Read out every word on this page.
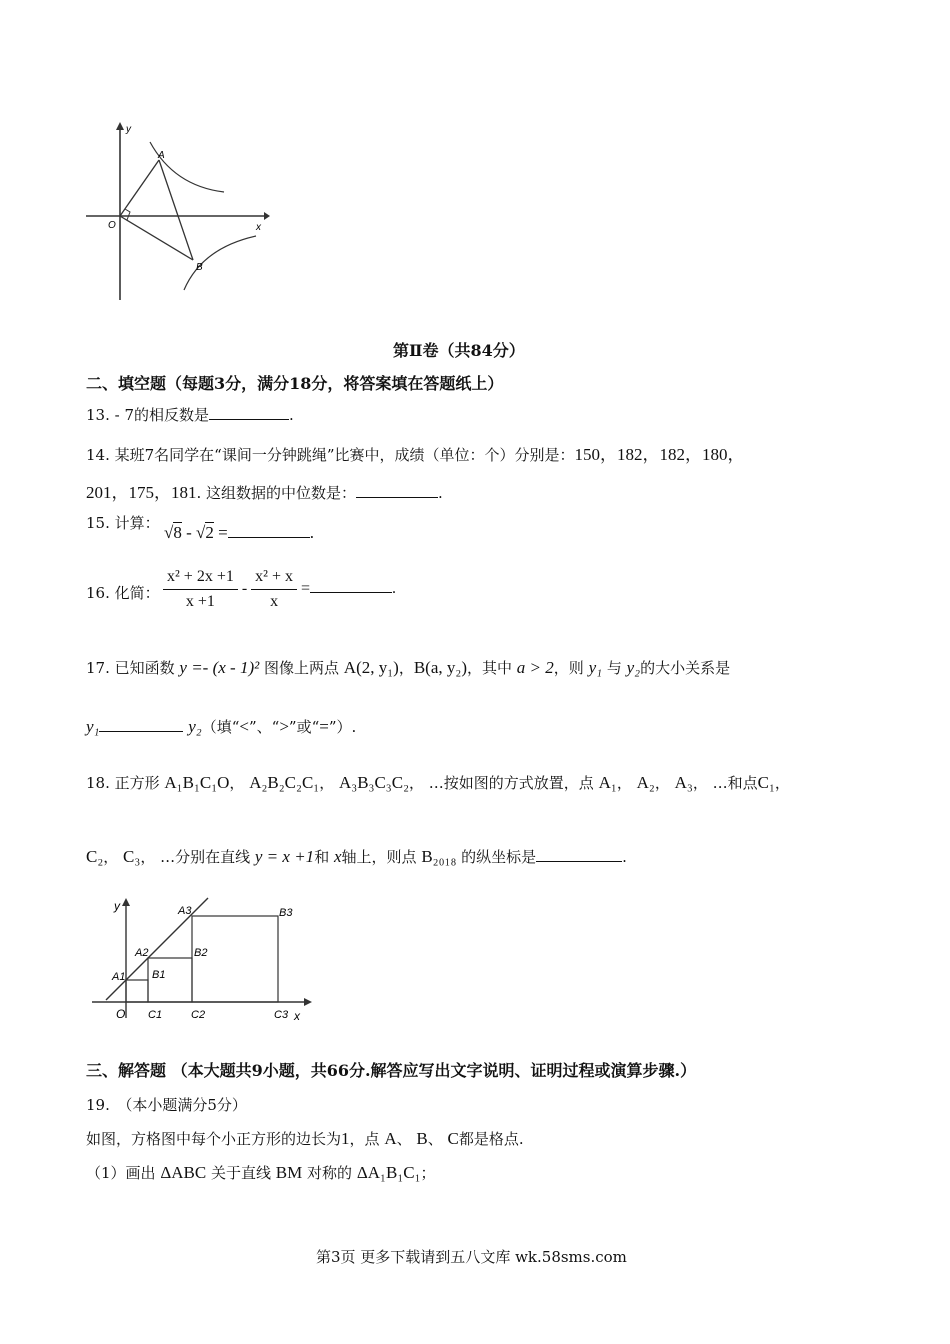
y
x
O
A
B
第Ⅱ卷（共84分）
二、填空题（每题3分，满分18分，将答案填在答题纸上）
13. - 7的相反数是	.
14. 某班7名同学在“课间一分钟跳绳”比赛中，成绩（单位：个）分别是：150，182，182，180，
201，175，181. 这组数据的中位数是：	.
15. 计算： √8 - √2 =	.
16. 化简： $\frac{\text{x² + 2x +1}}{x +1} - \frac{\text{x² + x}}{x}$ =	.
17. 已知函数 y =- (x - 1)² 图像上两点 A(2, y₁)，B(a, y₂)，其中 a > 2，则 y₁ 与 y₂的大小关系是
y₁	y₂（填“<”、“>”或“=”）.
18. 正方形 A₁B₁C₁O， A₂B₂C₂C₁， A₃B₃C₃C₂， …按如图的方式放置，点 A₁， A₂， A₃， …和点C₁，
C₂， C₃， …分别在直线 y = x +1和 x轴上，则点 B₂₀₁₈ 的纵坐标是	.
y
x
O
A1
A2
A3
B1
B2
B3
C1	C2	C3
三、解答题 （本大题共9小题，共66分.解答应写出文字说明、证明过程或演算步骤.）
19.　（本小题满分5分）
如图，方格图中每个小正方形的边长为1，点 A、 B、 C都是格点.
（1）画出 ΔABC 关于直线 BM 对称的 ΔA₁B₁C₁；
第3页 更多下载请到五八文库 wk.58sms.com
